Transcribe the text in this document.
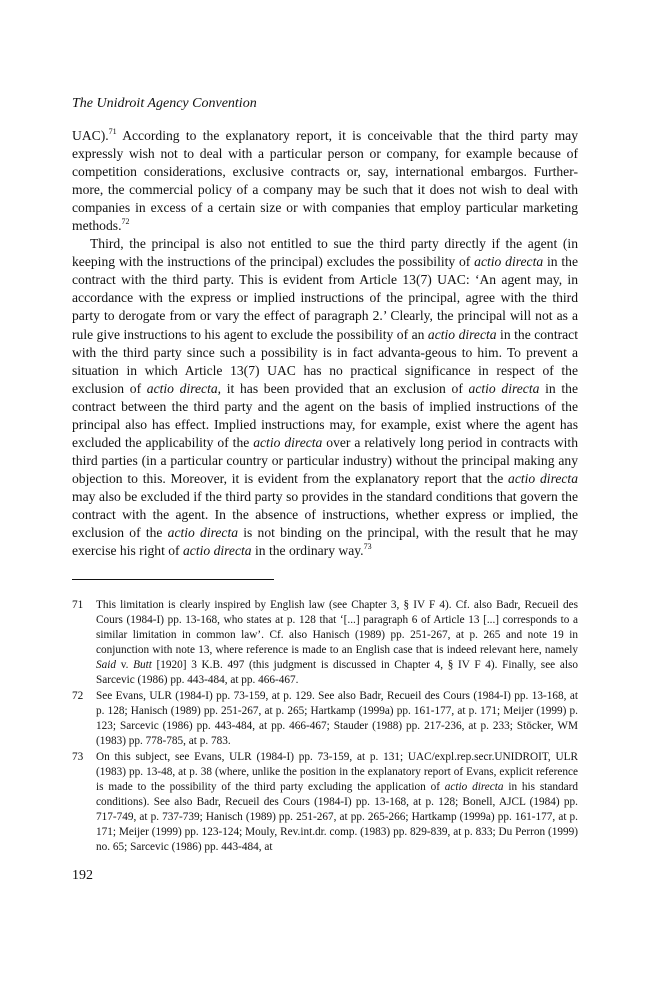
The Unidroit Agency Convention

UAC).$^{71}$ According to the explanatory report, it is conceivable that the third party may expressly wish not to deal with a particular person or company, for example because of competition considerations, exclusive contracts or, say, international embargos. Further-more, the commercial policy of a company may be such that it does not wish to deal with companies in excess of a certain size or with companies that employ particular marketing methods.$^{72}$

Third, the principal is also not entitled to sue the third party directly if the agent (in keeping with the instructions of the principal) excludes the possibility of actio directa in the contract with the third party. This is evident from Article 13(7) UAC: ‘An agent may, in accordance with the express or implied instructions of the principal, agree with the third party to derogate from or vary the effect of paragraph 2.’ Clearly, the principal will not as a rule give instructions to his agent to exclude the possibility of an actio directa in the contract with the third party since such a possibility is in fact advanta-geous to him. To prevent a situation in which Article 13(7) UAC has no practical significance in respect of the exclusion of actio directa, it has been provided that an exclusion of actio directa in the contract between the third party and the agent on the basis of implied instructions of the principal also has effect. Implied instructions may, for example, exist where the agent has excluded the applicability of the actio directa over a relatively long period in contracts with third parties (in a particular country or particular industry) without the principal making any objection to this. Moreover, it is evident from the explanatory report that the actio directa may also be excluded if the third party so provides in the standard conditions that govern the contract with the agent. In the absence of instructions, whether express or implied, the exclusion of the actio directa is not binding on the principal, with the result that he may exercise his right of actio directa in the ordinary way.$^{73}$

71 This limitation is clearly inspired by English law (see Chapter 3, § IV F 4). Cf. also Badr, Recueil des Cours (1984-I) pp. 13-168, who states at p. 128 that ‘[...] paragraph 6 of Article 13 [...] corresponds to a similar limitation in common law’. Cf. also Hanisch (1989) pp. 251-267, at p. 265 and note 19 in conjunction with note 13, where reference is made to an English case that is indeed relevant here, namely Said v. Butt [1920] 3 K.B. 497 (this judgment is discussed in Chapter 4, § IV F 4). Finally, see also Sarcevic (1986) pp. 443-484, at pp. 466-467.
72 See Evans, ULR (1984-I) pp. 73-159, at p. 129. See also Badr, Recueil des Cours (1984-I) pp. 13-168, at p. 128; Hanisch (1989) pp. 251-267, at p. 265; Hartkamp (1999a) pp. 161-177, at p. 171; Meijer (1999) p. 123; Sarcevic (1986) pp. 443-484, at pp. 466-467; Stauder (1988) pp. 217-236, at p. 233; Stöcker, WM (1983) pp. 778-785, at p. 783.
73 On this subject, see Evans, ULR (1984-I) pp. 73-159, at p. 131; UAC/expl.rep.secr.UNIDROIT, ULR (1983) pp. 13-48, at p. 38 (where, unlike the position in the explanatory report of Evans, explicit reference is made to the possibility of the third party excluding the application of actio directa in his standard conditions). See also Badr, Recueil des Cours (1984-I) pp. 13-168, at p. 128; Bonell, AJCL (1984) pp. 717-749, at p. 737-739; Hanisch (1989) pp. 251-267, at pp. 265-266; Hartkamp (1999a) pp. 161-177, at p. 171; Meijer (1999) pp. 123-124; Mouly, Rev.int.dr. comp. (1983) pp. 829-839, at p. 833; Du Perron (1999) no. 65; Sarcevic (1986) pp. 443-484, at
192
